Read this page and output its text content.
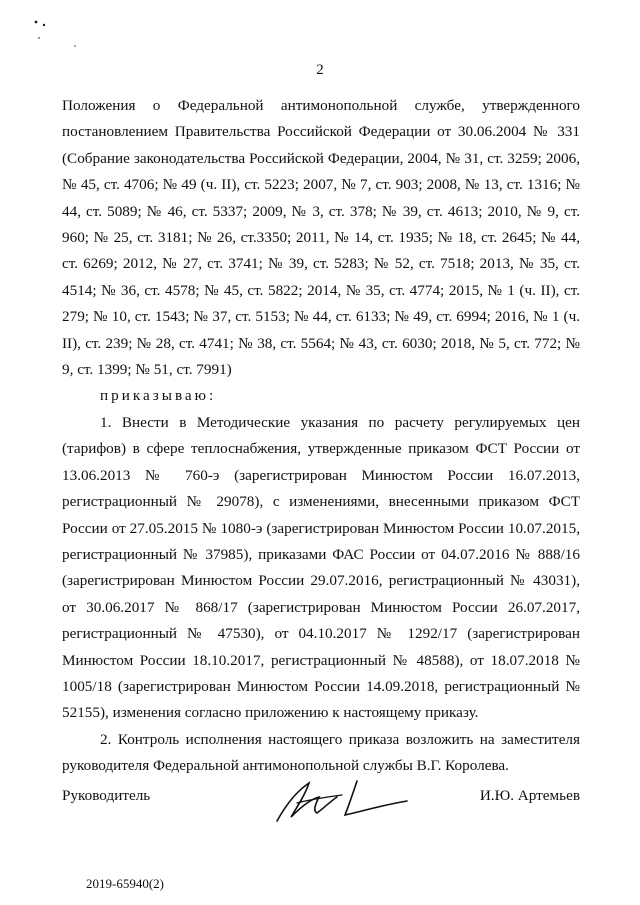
2

Положения о Федеральной антимонопольной службе, утвержденного постановлением Правительства Российской Федерации от 30.06.2004 № 331 (Собрание законодательства Российской Федерации, 2004, № 31, ст. 3259; 2006, № 45, ст. 4706; № 49 (ч. II), ст. 5223; 2007, № 7, ст. 903; 2008, № 13, ст. 1316; № 44, ст. 5089; № 46, ст. 5337; 2009, № 3, ст. 378; № 39, ст. 4613; 2010, № 9, ст. 960; № 25, ст. 3181; № 26, ст.3350; 2011, № 14, ст. 1935; № 18, ст. 2645; № 44, ст. 6269; 2012, № 27, ст. 3741; № 39, ст. 5283; № 52, ст. 7518; 2013, № 35, ст. 4514; № 36, ст. 4578; № 45, ст. 5822; 2014, № 35, ст. 4774; 2015, № 1 (ч. II), ст. 279; № 10, ст. 1543; № 37, ст. 5153; № 44, ст. 6133; № 49, ст. 6994; 2016, № 1 (ч. II), ст. 239; № 28, ст. 4741; № 38, ст. 5564; № 43, ст. 6030; 2018, № 5, ст. 772; № 9, ст. 1399; № 51, ст. 7991)

приказываю:

1. Внести в Методические указания по расчету регулируемых цен (тарифов) в сфере теплоснабжения, утвержденные приказом ФСТ России от 13.06.2013 № 760-э (зарегистрирован Минюстом России 16.07.2013, регистрационный № 29078), с изменениями, внесенными приказом ФСТ России от 27.05.2015 № 1080-э (зарегистрирован Минюстом России 10.07.2015, регистрационный № 37985), приказами ФАС России от 04.07.2016 № 888/16 (зарегистрирован Минюстом России 29.07.2016, регистрационный № 43031), от 30.06.2017 № 868/17 (зарегистрирован Минюстом России 26.07.2017, регистрационный № 47530), от 04.10.2017 № 1292/17 (зарегистрирован Минюстом России 18.10.2017, регистрационный № 48588), от 18.07.2018 № 1005/18 (зарегистрирован Минюстом России 14.09.2018, регистрационный № 52155), изменения согласно приложению к настоящему приказу.

2. Контроль исполнения настоящего приказа возложить на заместителя руководителя Федеральной антимонопольной службы В.Г. Королева.

Руководитель	И.Ю. Артемьев
2019-65940(2)
